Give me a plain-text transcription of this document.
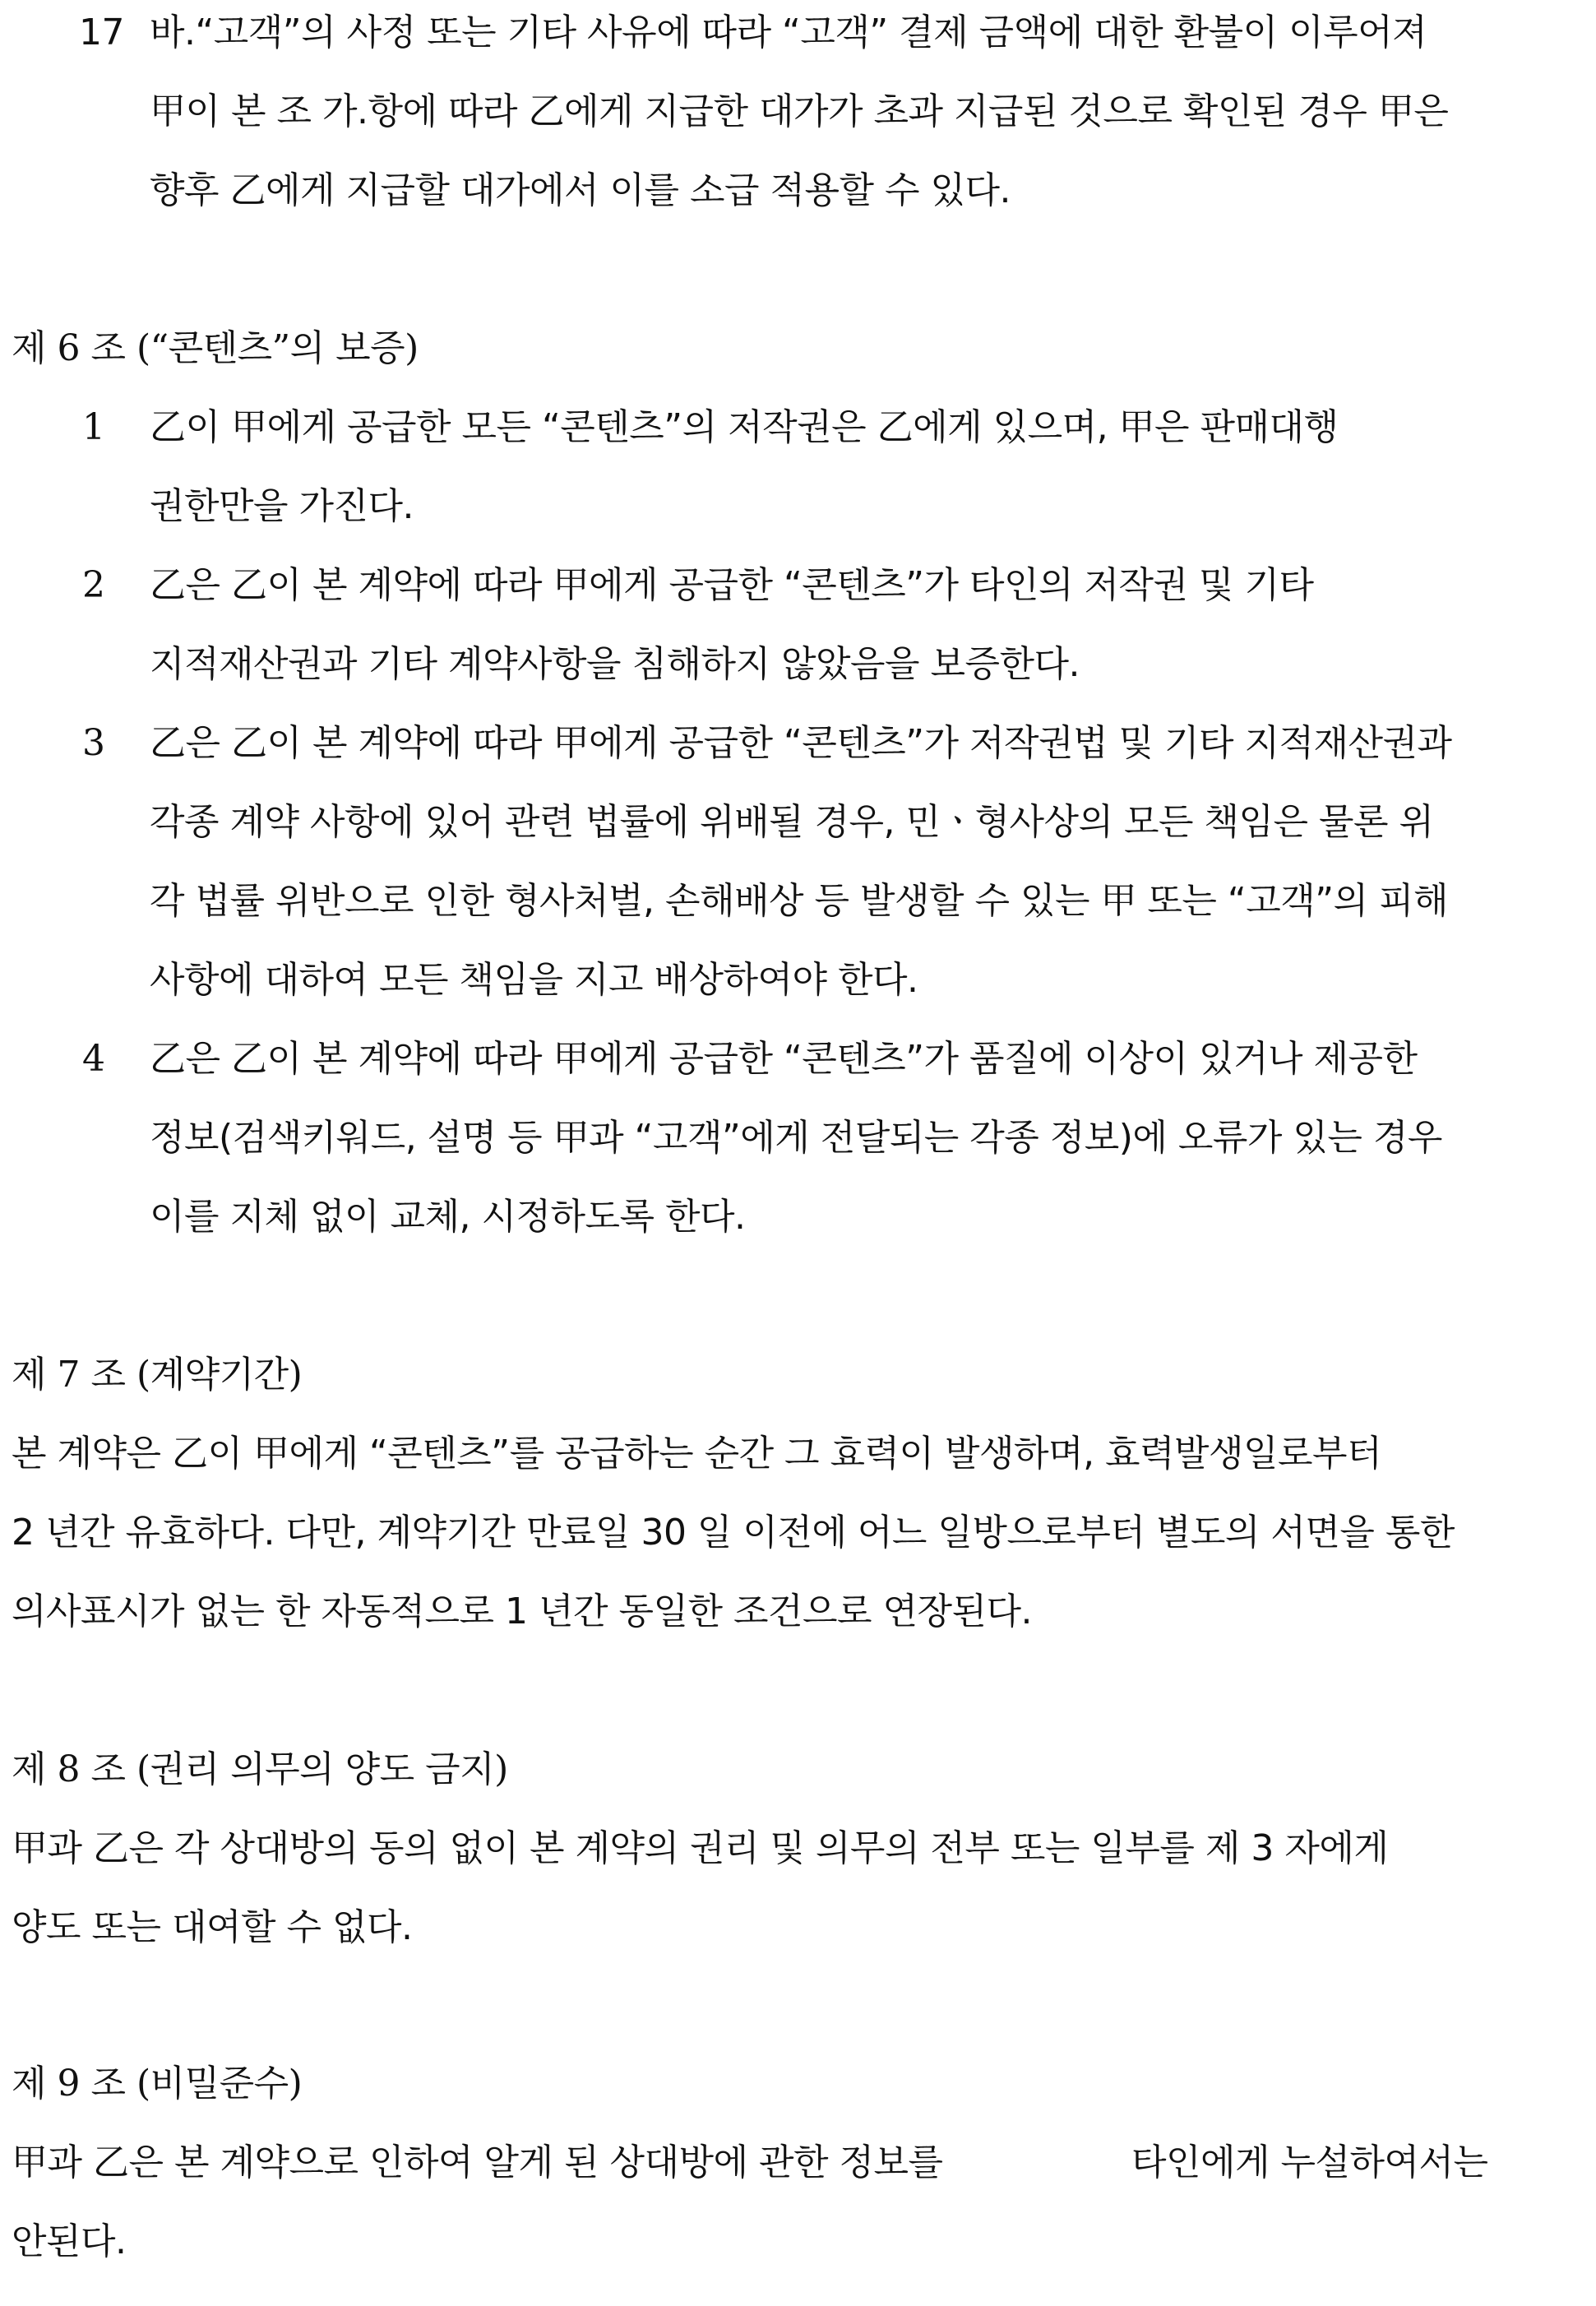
17 바.“고객”의 사정 또는 기타 사유에 따라 “고객” 결제 금액에 대한 환불이 이루어져
甲이 본 조 가.항에 따라 乙에게 지급한 대가가 초과 지급된 것으로 확인된 경우 甲은
향후 乙에게 지급할 대가에서 이를 소급 적용할 수 있다.
제 6 조 (“콘텐츠”의 보증)
1 乙이 甲에게 공급한 모든 “콘텐츠”의 저작권은 乙에게 있으며, 甲은 판매대행
권한만을 가진다.
2 乙은 乙이 본 계약에 따라 甲에게 공급한 “콘텐츠”가 타인의 저작권 및 기타
지적재산권과 기타 계약사항을 침해하지 않았음을 보증한다.
3 乙은 乙이 본 계약에 따라 甲에게 공급한 “콘텐츠”가 저작권법 및 기타 지적재산권과
각종 계약 사항에 있어 관련 법률에 위배될 경우, 민ㆍ형사상의 모든 책임은 물론 위
각 법률 위반으로 인한 형사처벌, 손해배상 등 발생할 수 있는 甲 또는 “고객”의 피해
사항에 대하여 모든 책임을 지고 배상하여야 한다.
4 乙은 乙이 본 계약에 따라 甲에게 공급한 “콘텐츠”가 품질에 이상이 있거나 제공한
정보(검색키워드, 설명 등 甲과 “고객”에게 전달되는 각종 정보)에 오류가 있는 경우
이를 지체 없이 교체, 시정하도록 한다.
제 7 조 (계약기간)
본 계약은 乙이 甲에게 “콘텐츠”를 공급하는 순간 그 효력이 발생하며, 효력발생일로부터
2 년간 유효하다. 다만, 계약기간 만료일 30 일 이전에 어느 일방으로부터 별도의 서면을 통한
의사표시가 없는 한 자동적으로 1 년간 동일한 조건으로 연장된다.
제 8 조 (권리 의무의 양도 금지)
甲과 乙은 각 상대방의 동의 없이 본 계약의 권리 및 의무의 전부 또는 일부를 제 3 자에게
양도 또는 대여할 수 없다.
제 9 조 (비밀준수)
甲과 乙은 본 계약으로 인하여 알게 된 상대방에 관한 정보를	타인에게 누설하여서는
안된다.
